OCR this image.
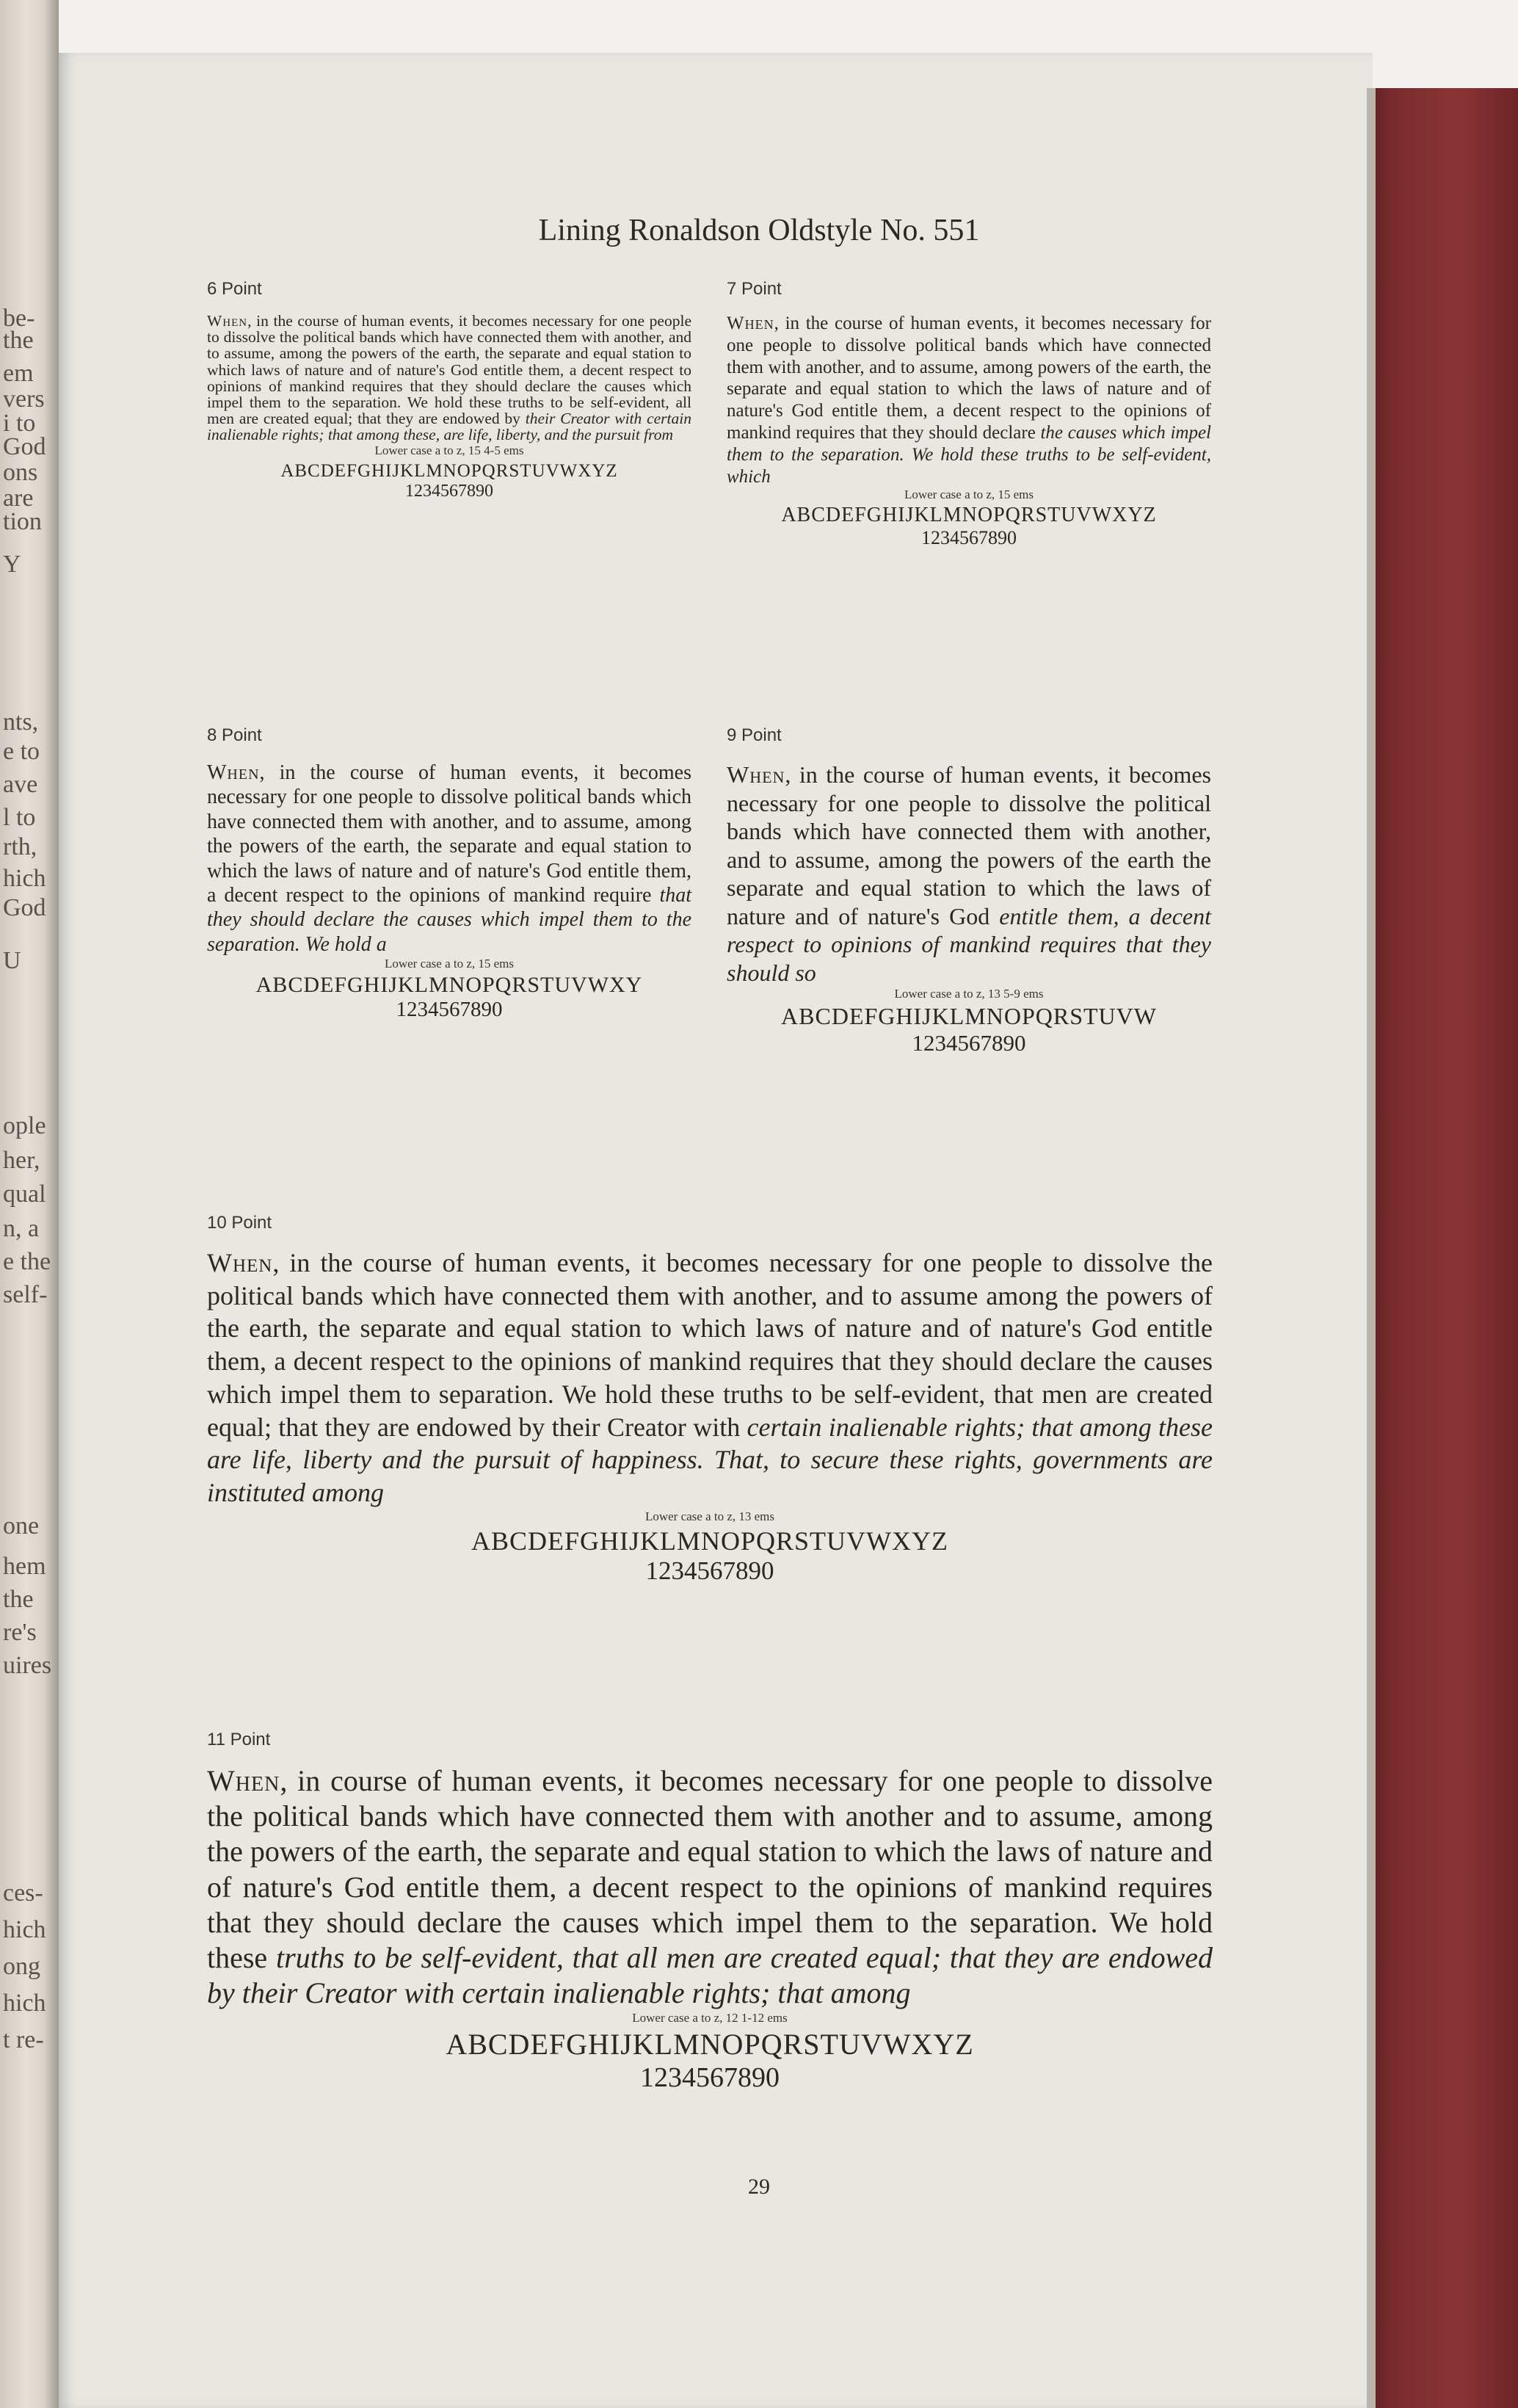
be-
the
em
vers
i to
God
ons
are
tion
Y
nts,
e to
ave
l to
rth,
hich
God
U
ople
her,
qual
n, a
e the
self-
one
hem
the
re's
uires
ces-
hich
ong
hich
t re-
Lining Ronaldson Oldstyle No. 551
6 Point
When, in the course of human events, it becomes necessary for one people to dissolve the political bands which have connected them with another, and to assume, among the powers of the earth, the separate and equal station to which laws of nature and of nature's God entitle them, a decent respect to opinions of mankind requires that they should declare the causes which impel them to the separation. We hold these truths to be self-evident, all men are created equal; that they are endowed by their Creator with certain inalienable rights; that among these, are life, liberty, and the pursuit from
Lower case a to z, 15 4-5 ems
ABCDEFGHIJKLMNOPQRSTUVWXYZ
1234567890
7 Point
When, in the course of human events, it becomes necessary for one people to dissolve political bands which have connected them with another, and to assume, among powers of the earth, the separate and equal station to which the laws of nature and of nature's God entitle them, a decent respect to the opinions of mankind requires that they should declare the causes which impel them to the separation. We hold these truths to be self-evident, which
Lower case a to z, 15 ems
ABCDEFGHIJKLMNOPQRSTUVWXYZ
1234567890
8 Point
When, in the course of human events, it becomes necessary for one people to dissolve political bands which have connected them with another, and to assume, among the powers of the earth, the separate and equal station to which the laws of nature and of nature's God entitle them, a decent respect to the opinions of mankind require that they should declare the causes which impel them to the separation. We hold a
Lower case a to z, 15 ems
ABCDEFGHIJKLMNOPQRSTUVWXY
1234567890
9 Point
When, in the course of human events, it becomes necessary for one people to dissolve the political bands which have connected them with another, and to assume, among the powers of the earth the separate and equal station to which the laws of nature and of nature's God entitle them, a decent respect to opinions of mankind requires that they should so
Lower case a to z, 13 5-9 ems
ABCDEFGHIJKLMNOPQRSTUVW
1234567890
10 Point
When, in the course of human events, it becomes necessary for one people to dissolve the political bands which have connected them with another, and to assume among the powers of the earth, the separate and equal station to which laws of nature and of nature's God entitle them, a decent respect to the opinions of mankind requires that they should declare the causes which impel them to separation. We hold these truths to be self-evident, that men are created equal; that they are endowed by their Creator with certain inalienable rights; that among these are life, liberty and the pursuit of happiness. That, to secure these rights, governments are instituted among
Lower case a to z, 13 ems
ABCDEFGHIJKLMNOPQRSTUVWXYZ
1234567890
11 Point
When, in course of human events, it becomes necessary for one people to dissolve the political bands which have connected them with another and to assume, among the powers of the earth, the separate and equal station to which the laws of nature and of nature's God entitle them, a decent respect to the opinions of mankind requires that they should declare the causes which impel them to the separation. We hold these truths to be self-evident, that all men are created equal; that they are endowed by their Creator with certain inalienable rights; that among
Lower case a to z, 12 1-12 ems
ABCDEFGHIJKLMNOPQRSTUVWXYZ
1234567890
29
